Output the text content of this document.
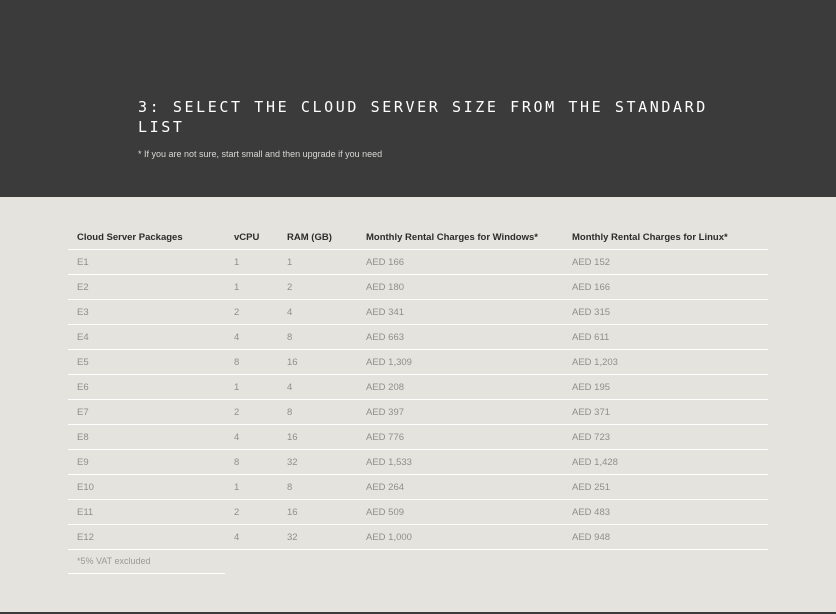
3: SELECT THE CLOUD SERVER SIZE FROM THE STANDARD LIST
* If you are not sure, start small and then upgrade if you need
Cloud Server Packages	vCPU	RAM (GB)	Monthly Rental Charges for Windows*	Monthly Rental Charges for Linux*
E1	1	1	AED 166	AED 152
E2	1	2	AED 180	AED 166
E3	2	4	AED 341	AED 315
E4	4	8	AED 663	AED 611
E5	8	16	AED 1,309	AED 1,203
E6	1	4	AED 208	AED 195
E7	2	8	AED 397	AED 371
E8	4	16	AED 776	AED 723
E9	8	32	AED 1,533	AED 1,428
E10	1	8	AED 264	AED 251
E11	2	16	AED 509	AED 483
E12	4	32	AED 1,000	AED 948
*5% VAT excluded
